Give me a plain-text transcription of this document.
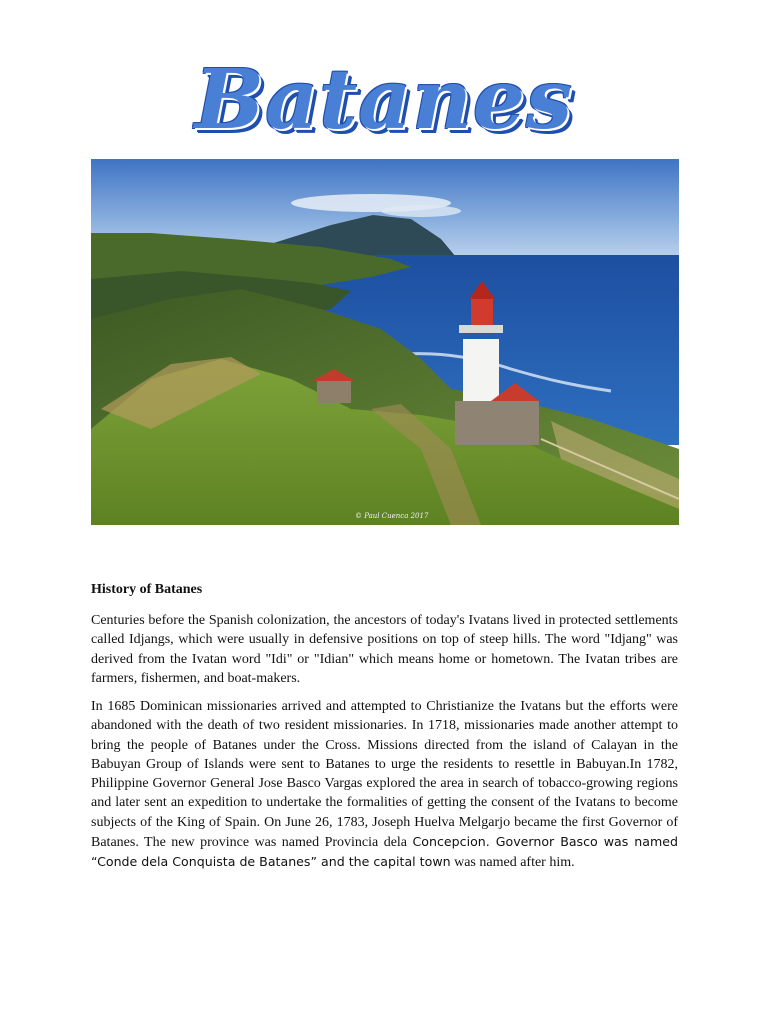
Batanes
© Paul Cuenca 2017
History of Batanes

Centuries before the Spanish colonization, the ancestors of today's Ivatans lived in protected settlements called Idjangs, which were usually in defensive positions on top of steep hills. The word "Idjang" was derived from the Ivatan word "Idi" or "Idian" which means home or hometown. The Ivatan tribes are farmers, fishermen, and boat-makers.

In 1685 Dominican missionaries arrived and attempted to Christianize the Ivatans but the efforts were abandoned with the death of two resident missionaries. In 1718, missionaries made another attempt to bring the people of Batanes under the Cross. Missions directed from the island of Calayan in the Babuyan Group of Islands were sent to Batanes to urge the residents to resettle in Babuyan.In 1782, Philippine Governor General Jose Basco Vargas explored the area in search of tobacco-growing regions and later sent an expedition to undertake the formalities of getting the consent of the Ivatans to become subjects of the King of Spain. On June 26, 1783, Joseph Huelva Melgarjo became the first Governor of Batanes. The new province was named Provincia dela Concepcion. Governor Basco was named “Conde dela Conquista de Batanes” and the capital town was named after him.
